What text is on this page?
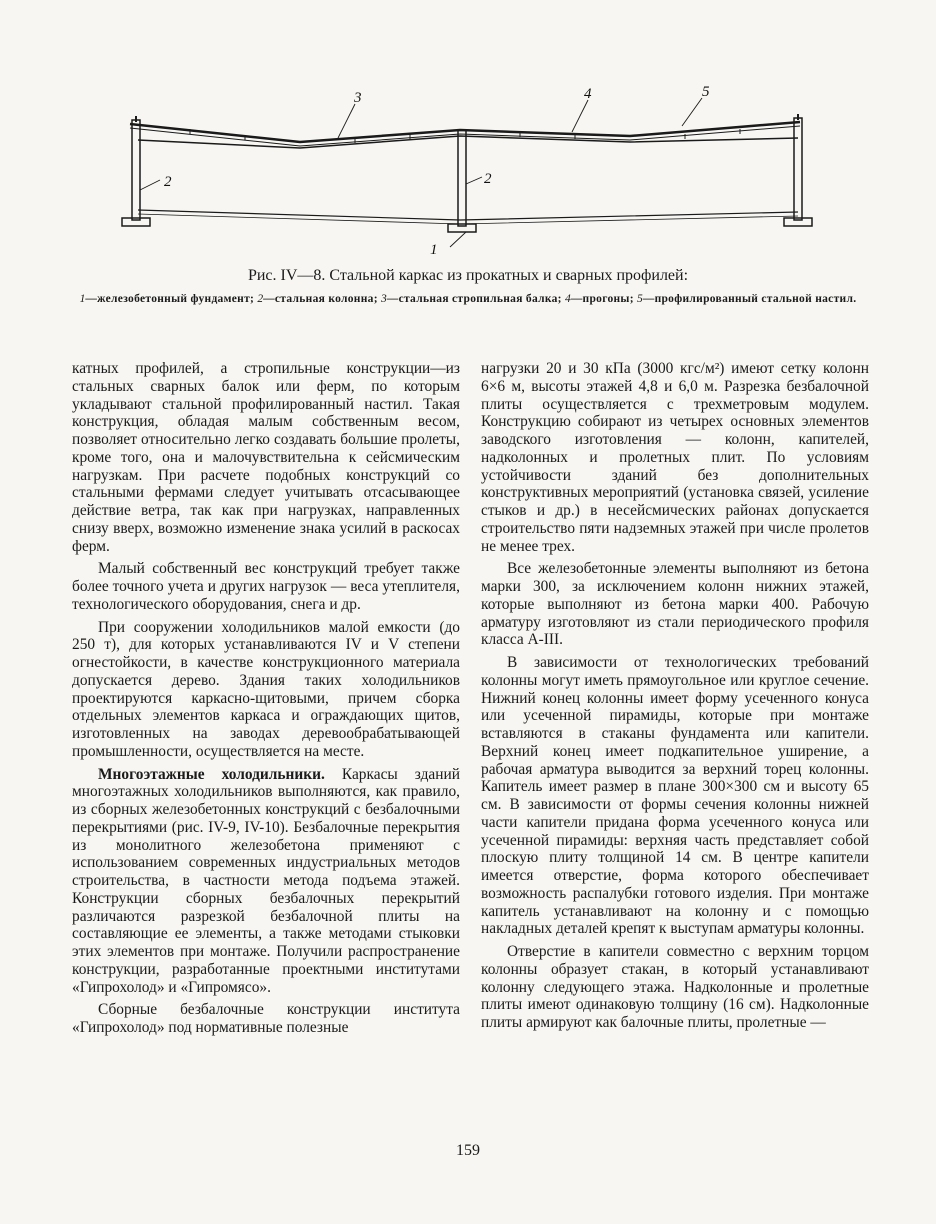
3	4	5
2	2
1
Рис. IV—8. Стальной каркас из прокатных и сварных профилей:
1—железобетонный фундамент; 2—стальная колонна; 3—стальная стропильная балка; 4—прогоны; 5—профилированный стальной настил.

катных профилей, а стропильные конструкции—из стальных сварных балок или ферм, по которым укладывают стальной профилированный настил. Такая конструкция, обладая малым собственным весом, позволяет относительно легко создавать большие пролеты, кроме того, она и малочувствительна к сейсмическим нагрузкам. При расчете подобных конструкций со стальными фермами следует учитывать отсасывающее действие ветра, так как при нагрузках, направленных снизу вверх, возможно изменение знака усилий в раскосах ферм.

Малый собственный вес конструкций требует также более точного учета и других нагрузок — веса утеплителя, технологического оборудования, снега и др.

При сооружении холодильников малой емкости (до 250 т), для которых устанавливаются IV и V степени огнестойкости, в качестве конструкционного материала допускается дерево. Здания таких холодильников проектируются каркасно-щитовыми, причем сборка отдельных элементов каркаса и ограждающих щитов, изготовленных на заводах деревообрабатывающей промышленности, осуществляется на месте.

Многоэтажные холодильники. Каркасы зданий многоэтажных холодильников выполняются, как правило, из сборных железобетонных конструкций с безбалочными перекрытиями (рис. IV-9, IV-10). Безбалочные перекрытия из монолитного железобетона применяют с использованием современных индустриальных методов строительства, в частности метода подъема этажей. Конструкции сборных безбалочных перекрытий различаются разрезкой безбалочной плиты на составляющие ее элементы, а также методами стыковки этих элементов при монтаже. Получили распространение конструкции, разработанные проектными институтами «Гипрохолод» и «Гипромясо».

Сборные безбалочные конструкции института «Гипрохолод» под нормативные полезные

нагрузки 20 и 30 кПа (3000 кгс/м²) имеют сетку колонн 6×6 м, высоты этажей 4,8 и 6,0 м. Разрезка безбалочной плиты осуществляется с трехметровым модулем. Конструкцию собирают из четырех основных элементов заводского изготовления — колонн, капителей, надколонных и пролетных плит. По условиям устойчивости зданий без дополнительных конструктивных мероприятий (установка связей, усиление стыков и др.) в несейсмических районах допускается строительство пяти надземных этажей при числе пролетов не менее трех.

Все железобетонные элементы выполняют из бетона марки 300, за исключением колонн нижних этажей, которые выполняют из бетона марки 400. Рабочую арматуру изготовляют из стали периодического профиля класса А-III.

В зависимости от технологических требований колонны могут иметь прямоугольное или круглое сечение. Нижний конец колонны имеет форму усеченного конуса или усеченной пирамиды, которые при монтаже вставляются в стаканы фундамента или капители. Верхний конец имеет подкапительное уширение, а рабочая арматура выводится за верхний торец колонны. Капитель имеет размер в плане 300×300 см и высоту 65 см. В зависимости от формы сечения колонны нижней части капители придана форма усеченного конуса или усеченной пирамиды: верхняя часть представляет собой плоскую плиту толщиной 14 см. В центре капители имеется отверстие, форма которого обеспечивает возможность распалубки готового изделия. При монтаже капитель устанавливают на колонну и с помощью накладных деталей крепят к выступам арматуры колонны.

Отверстие в капители совместно с верхним торцом колонны образует стакан, в который устанавливают колонну следующего этажа. Надколонные и пролетные плиты имеют одинаковую толщину (16 см). Надколонные плиты армируют как балочные плиты, пролетные —

159
